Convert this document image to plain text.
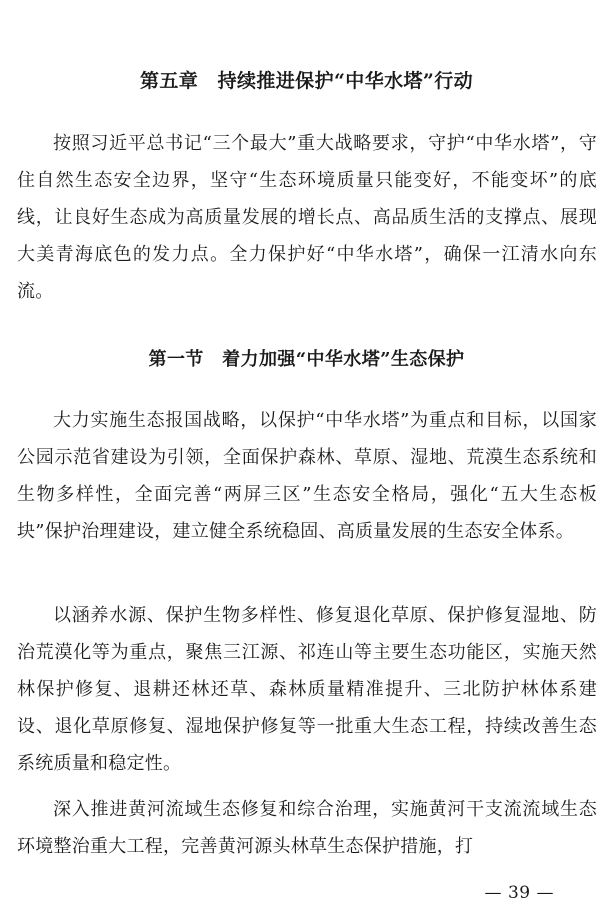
第五章　持续推进保护“中华水塔”行动
按照习近平总书记“三个最大”重大战略要求，守护“中华水塔”，守住自然生态安全边界，坚守“生态环境质量只能变好，不能变坏”的底线，让良好生态成为高质量发展的增长点、高品质生活的支撑点、展现大美青海底色的发力点。全力保护好“中华水塔”，确保一江清水向东流。
第一节　着力加强“中华水塔”生态保护
大力实施生态报国战略，以保护“中华水塔”为重点和目标，以国家公园示范省建设为引领，全面保护森林、草原、湿地、荒漠生态系统和生物多样性，全面完善“两屏三区”生态安全格局，强化“五大生态板块”保护治理建设，建立健全系统稳固、高质量发展的生态安全体系。
以涵养水源、保护生物多样性、修复退化草原、保护修复湿地、防治荒漠化等为重点，聚焦三江源、祁连山等主要生态功能区，实施天然林保护修复、退耕还林还草、森林质量精准提升、三北防护林体系建设、退化草原修复、湿地保护修复等一批重大生态工程，持续改善生态系统质量和稳定性。
深入推进黄河流域生态修复和综合治理，实施黄河干支流流域生态环境整治重大工程，完善黄河源头林草生态保护措施，打
— 39 —
